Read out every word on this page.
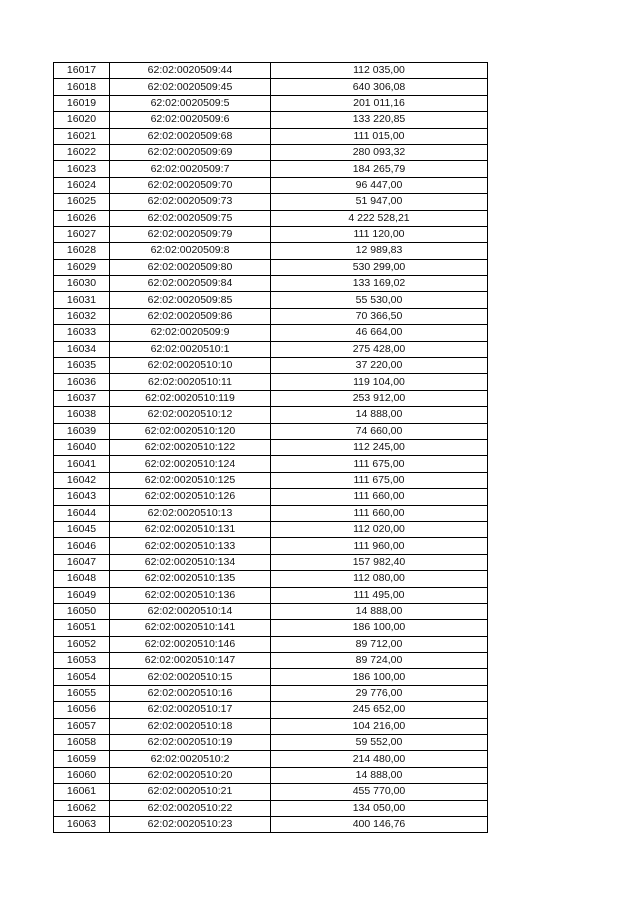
16017	62:02:0020509:44	112 035,00
16018	62:02:0020509:45	640 306,08
16019	62:02:0020509:5	201 011,16
16020	62:02:0020509:6	133 220,85
16021	62:02:0020509:68	111 015,00
16022	62:02:0020509:69	280 093,32
16023	62:02:0020509:7	184 265,79
16024	62:02:0020509:70	96 447,00
16025	62:02:0020509:73	51 947,00
16026	62:02:0020509:75	4 222 528,21
16027	62:02:0020509:79	111 120,00
16028	62:02:0020509:8	12 989,83
16029	62:02:0020509:80	530 299,00
16030	62:02:0020509:84	133 169,02
16031	62:02:0020509:85	55 530,00
16032	62:02:0020509:86	70 366,50
16033	62:02:0020509:9	46 664,00
16034	62:02:0020510:1	275 428,00
16035	62:02:0020510:10	37 220,00
16036	62:02:0020510:11	119 104,00
16037	62:02:0020510:119	253 912,00
16038	62:02:0020510:12	14 888,00
16039	62:02:0020510:120	74 660,00
16040	62:02:0020510:122	112 245,00
16041	62:02:0020510:124	111 675,00
16042	62:02:0020510:125	111 675,00
16043	62:02:0020510:126	111 660,00
16044	62:02:0020510:13	111 660,00
16045	62:02:0020510:131	112 020,00
16046	62:02:0020510:133	111 960,00
16047	62:02:0020510:134	157 982,40
16048	62:02:0020510:135	112 080,00
16049	62:02:0020510:136	111 495,00
16050	62:02:0020510:14	14 888,00
16051	62:02:0020510:141	186 100,00
16052	62:02:0020510:146	89 712,00
16053	62:02:0020510:147	89 724,00
16054	62:02:0020510:15	186 100,00
16055	62:02:0020510:16	29 776,00
16056	62:02:0020510:17	245 652,00
16057	62:02:0020510:18	104 216,00
16058	62:02:0020510:19	59 552,00
16059	62:02:0020510:2	214 480,00
16060	62:02:0020510:20	14 888,00
16061	62:02:0020510:21	455 770,00
16062	62:02:0020510:22	134 050,00
16063	62:02:0020510:23	400 146,76
